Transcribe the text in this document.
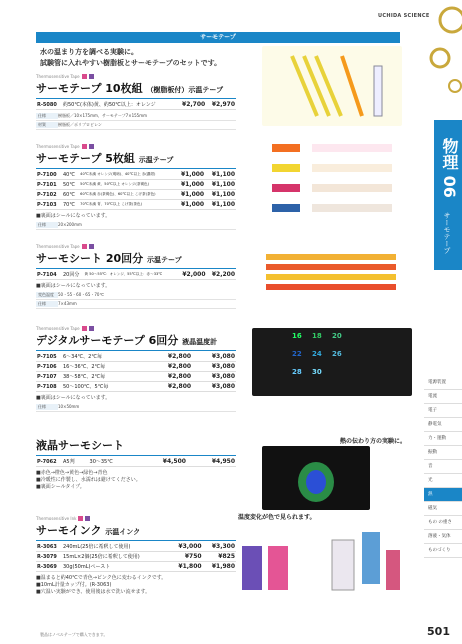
UCHIDA SCIENCE
物理 06
サーモテープ
サーモテープ
水の温まり方を調べる実験に。
試験管に入れやすい樹脂板とサーモテープのセットです。
Thermosensitive Tape
サーモテープ 10枚組 （樹脂板付）示温テープ
R-5080	約50℃(本体)黄、約50℃以上：オレンジ		¥2,700	¥2,970
仕様	樹脂板／10×175mm、サーモテープ7×155mm
材質	樹脂板／ポリプロピレン
Thermosensitive Tape
サーモテープ 5枚組 示温テープ
P-7100	40℃	40℃未満 オレンジ(明暗)、40℃以上 赤(濃紺)	¥1,000	¥1,100
P-7101	50℃	50℃未満 黄、50℃以上 オレンジ(茶褐色)	¥1,000	¥1,100
P-7102	60℃	60℃未満 赤(茶褐色)、60℃以上 こげ茶(茶色)	¥1,000	¥1,100
P-7103	70℃	70℃未満 青、70℃以上 こげ茶(茶色)	¥1,000	¥1,100
■裏面はシールになっています。
仕様	20×200mm
Thermosensitive Tape
サーモシート 20回分 示温テープ
P-7104	20回分	黄 50〜55℃：オレンジ、55℃以上：赤〜33℃	¥2,000	¥2,200
■裏面はシールになっています。
変色温度	50・55・60・65・70℃
仕様	7×43mm
Thermosensitive Tape
デジタルサーモテープ 6回分 液晶温度計
P-7105	6〜34℃、2℃毎		¥2,800	¥3,080
P-7106	16〜36℃、2℃毎		¥2,800	¥3,080
P-7107	38〜58℃、2℃毎		¥2,800	¥3,080
P-7108	50〜100℃、5℃毎		¥2,800	¥3,080
■裏面はシールになっています。
仕様	10×50mm
16 18 20
22 24 26
28 30
液晶サーモシート
P-7062	A5判	30〜35℃	¥4,500	¥4,950
■赤色→橙色→黄色→緑色→青色
■冷暖性に作製し、水濡れは避けてください。
■裏面シールタイプ。
熱の伝わり方の実験に。
Thermosensitive Ink
サーモインク 示温インク
R-3063	240mL(25倍に希釈して使用)		¥3,000	¥3,300
R-3079	15mL×2個(25倍に希釈して使用)		¥750	¥825
R-3069	30g(50mL)ペースト		¥1,800	¥1,980
■温まると約40℃で青色→ピンク色に変わるインクです。
■10mL計量カップ付。(R-3063)
■穴温い実験ができ、使用後は水で洗い流せます。
温度変化が色で見られます。
電源装置
電流
電子
静電気
力・運動
振動
音
光
熱
磁気
もの の重さ
溶液・気体
ものづくり
製品はノベルテープで購入できます。	501
